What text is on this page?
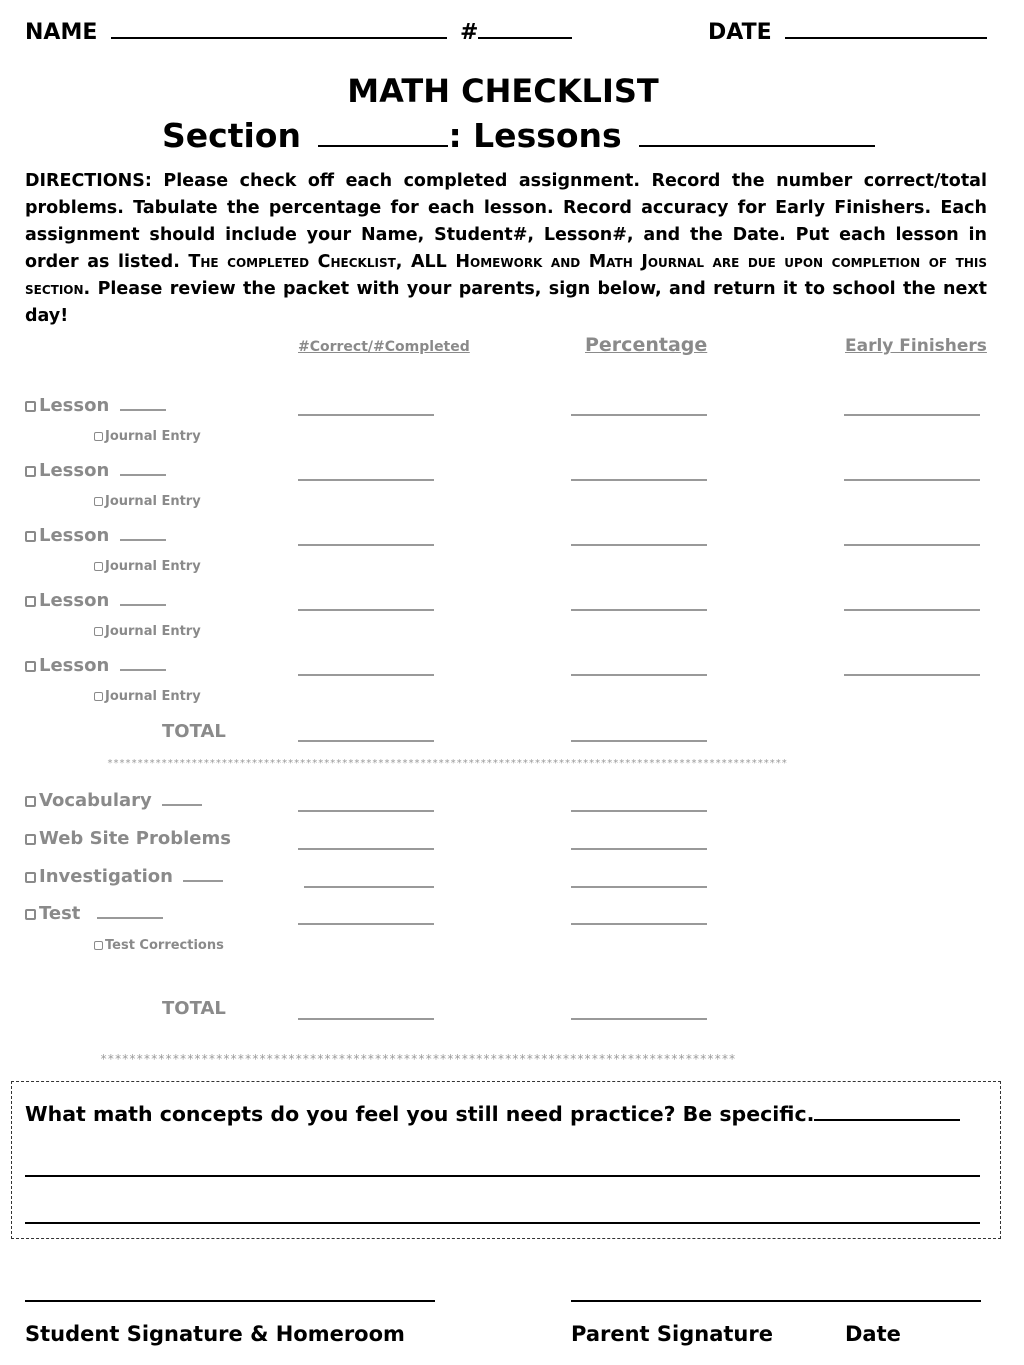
NAME	#	DATE
MATH CHECKLIST
Section	: Lessons
DIRECTIONS: Please check off each completed assignment. Record the number correct/total problems. Tabulate the percentage for each lesson. Record accuracy for Early Finishers. Each assignment should include your Name, Student#, Lesson#, and the Date. Put each lesson in order as listed. The completed Checklist, ALL Homework and Math Journal are due upon completion of this section. Please review the packet with your parents, sign below, and return it to school the next day!
#Correct/#Completed	Percentage	Early Finishers
Lesson
Journal Entry
Lesson
Journal Entry
Lesson
Journal Entry
Lesson
Journal Entry
Lesson
Journal Entry
TOTAL
*****************************************************************************************************************
Vocabulary
Web Site Problems
Investigation
Test
Test Corrections
TOTAL
****************************************************************************************
What math concepts do you feel you still need practice? Be specific.
Student Signature & Homeroom	Parent Signature	Date
